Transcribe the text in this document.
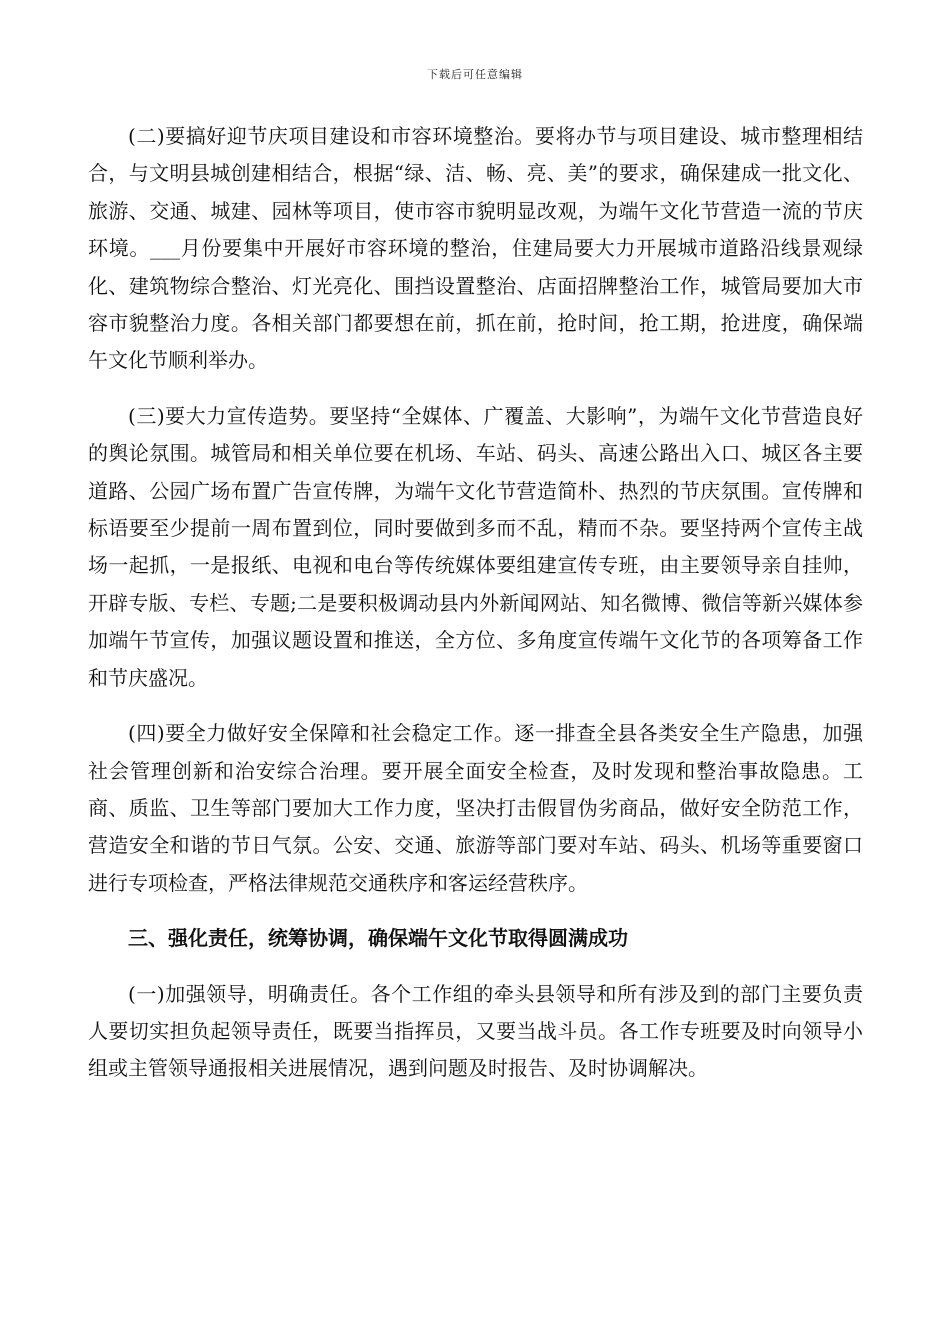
下载后可任意编辑

(二)要搞好迎节庆项目建设和市容环境整治。要将办节与项目建设、城市整理相结合，与文明县城创建相结合，根据“绿、洁、畅、亮、美”的要求，确保建成一批文化、旅游、交通、城建、园林等项目，使市容市貌明显改观，为端午文化节营造一流的节庆环境。___月份要集中开展好市容环境的整治，住建局要大力开展城市道路沿线景观绿化、建筑物综合整治、灯光亮化、围挡设置整治、店面招牌整治工作，城管局要加大市容市貌整治力度。各相关部门都要想在前，抓在前，抢时间，抢工期，抢进度，确保端午文化节顺利举办。

(三)要大力宣传造势。要坚持“全媒体、广覆盖、大影响”，为端午文化节营造良好的舆论氛围。城管局和相关单位要在机场、车站、码头、高速公路出入口、城区各主要道路、公园广场布置广告宣传牌，为端午文化节营造简朴、热烈的节庆氛围。宣传牌和标语要至少提前一周布置到位，同时要做到多而不乱，精而不杂。要坚持两个宣传主战场一起抓，一是报纸、电视和电台等传统媒体要组建宣传专班，由主要领导亲自挂帅，开辟专版、专栏、专题;二是要积极调动县内外新闻网站、知名微博、微信等新兴媒体参加端午节宣传，加强议题设置和推送，全方位、多角度宣传端午文化节的各项筹备工作和节庆盛况。

(四)要全力做好安全保障和社会稳定工作。逐一排查全县各类安全生产隐患，加强社会管理创新和治安综合治理。要开展全面安全检查，及时发现和整治事故隐患。工商、质监、卫生等部门要加大工作力度，坚决打击假冒伪劣商品，做好安全防范工作，营造安全和谐的节日气氛。公安、交通、旅游等部门要对车站、码头、机场等重要窗口进行专项检查，严格法律规范交通秩序和客运经营秩序。

三、强化责任，统筹协调，确保端午文化节取得圆满成功

(一)加强领导，明确责任。各个工作组的牵头县领导和所有涉及到的部门主要负责人要切实担负起领导责任，既要当指挥员，又要当战斗员。各工作专班要及时向领导小组或主管领导通报相关进展情况，遇到问题及时报告、及时协调解决。
